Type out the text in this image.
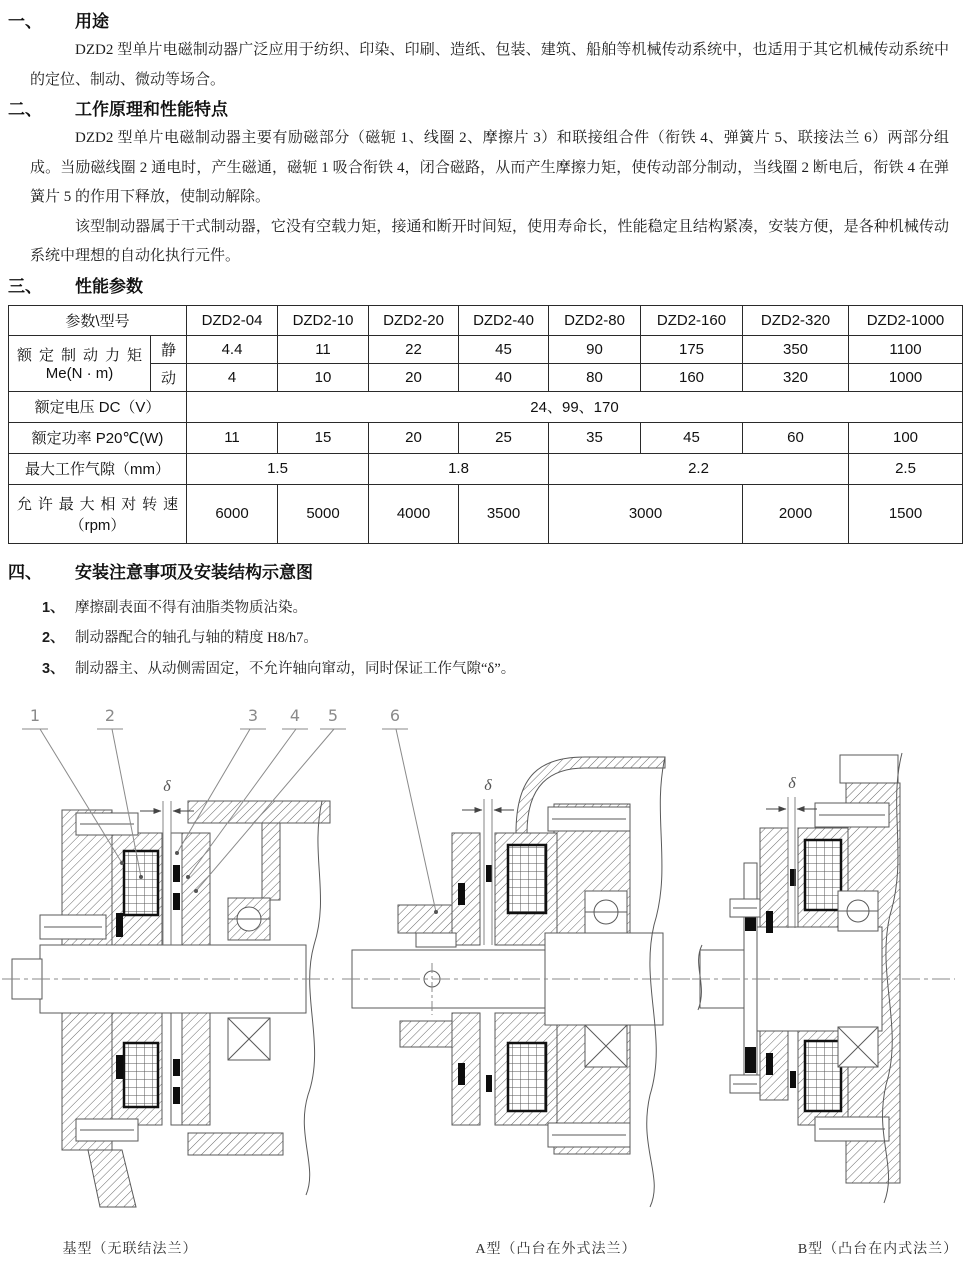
一、	用途

DZD2 型单片电磁制动器广泛应用于纺织、印染、印刷、造纸、包装、建筑、船舶等机械传动系统中，也适用于其它机械传动系统中的定位、制动、微动等场合。

二、	工作原理和性能特点

DZD2 型单片电磁制动器主要有励磁部分（磁轭 1、线圈 2、摩擦片 3）和联接组合件（衔铁 4、弹簧片 5、联接法兰 6）两部分组成。当励磁线圈 2 通电时，产生磁通，磁轭 1 吸合衔铁 4，闭合磁路，从而产生摩擦力矩，使传动部分制动，当线圈 2 断电后，衔铁 4 在弹簧片 5 的作用下释放，使制动解除。

该型制动器属于干式制动器，它没有空载力矩，接通和断开时间短，使用寿命长，性能稳定且结构紧凑，安装方便，是各种机械传动系统中理想的自动化执行元件。

三、	性能参数
参数\型号		DZD2-04	DZD2-10	DZD2-20	DZD2-40	DZD2-80	DZD2-160	DZD2-320	DZD2-1000

额定制动力矩
Me(N · m)	静	4.4	11	22	45	90	175	350	1100
	动	4	10	20	40	80	160	320	1000
额定电压 DC（V）		24、99、170							
额定功率 P20℃(W)		11	15	20	25	35	45	60	100
最大工作气隙（mm）		1.5		1.8		2.2			2.5

允许最大相对转速
（rpm）		6000	5000	4000	3500	3000		2000	1500
四、	安装注意事项及安装结构示意图
1、 摩擦副表面不得有油脂类物质沾染。
2、 制动器配合的轴孔与轴的精度 H8/h7。
3、 制动器主、从动侧需固定，不允许轴向窜动，同时保证工作气隙“δ”。
1	2	3	4	5	6
δ	δ	δ
基型（无联结法兰）	A型（凸台在外式法兰）	B型（凸台在内式法兰）
